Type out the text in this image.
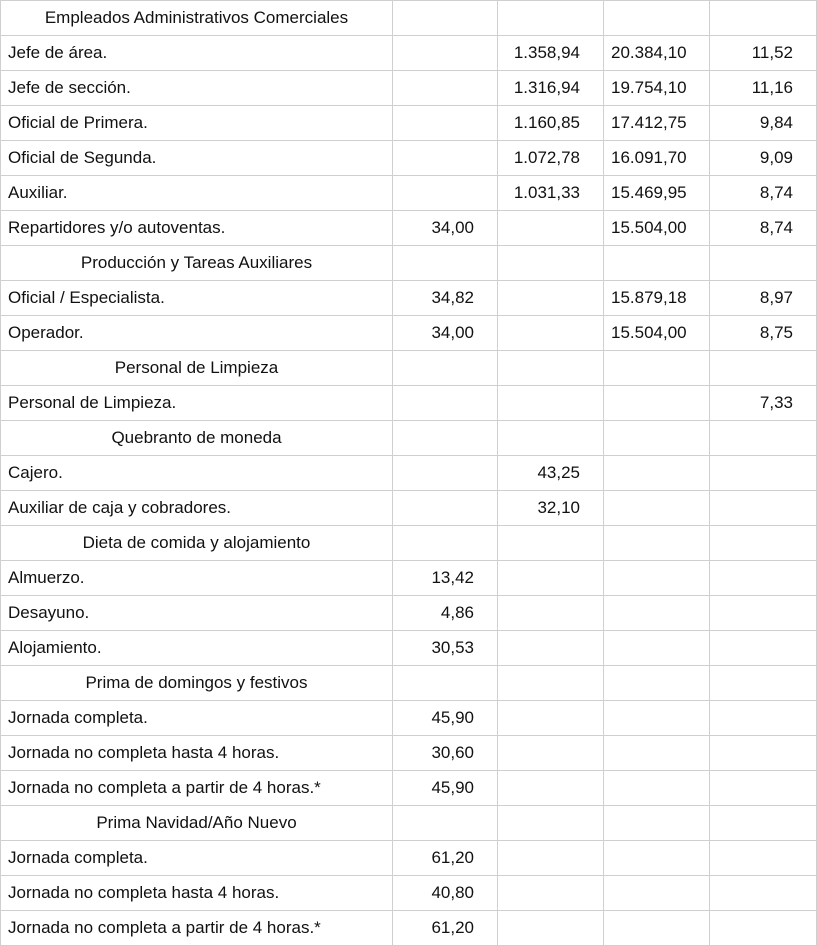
Empleados Administrativos Comerciales				
Jefe de área.		1.358,94	20.384,10	11,52
Jefe de sección.		1.316,94	19.754,10	11,16
Oficial de Primera.		1.160,85	17.412,75	9,84
Oficial de Segunda.		1.072,78	16.091,70	9,09
Auxiliar.		1.031,33	15.469,95	8,74
Repartidores y/o autoventas.	34,00		15.504,00	8,74
Producción y Tareas Auxiliares				
Oficial / Especialista.	34,82		15.879,18	8,97
Operador.	34,00		15.504,00	8,75
Personal de Limpieza				
Personal de Limpieza.				7,33
Quebranto de moneda				
Cajero.		43,25		
Auxiliar de caja y cobradores.		32,10		
Dieta de comida y alojamiento				
Almuerzo.	13,42			
Desayuno.	4,86			
Alojamiento.	30,53			
Prima de domingos y festivos				
Jornada completa.	45,90			
Jornada no completa hasta 4 horas.	30,60			
Jornada no completa a partir de 4 horas.*	45,90			
Prima Navidad/Año Nuevo				
Jornada completa.	61,20			
Jornada no completa hasta 4 horas.	40,80			
Jornada no completa a partir de 4 horas.*	61,20			
